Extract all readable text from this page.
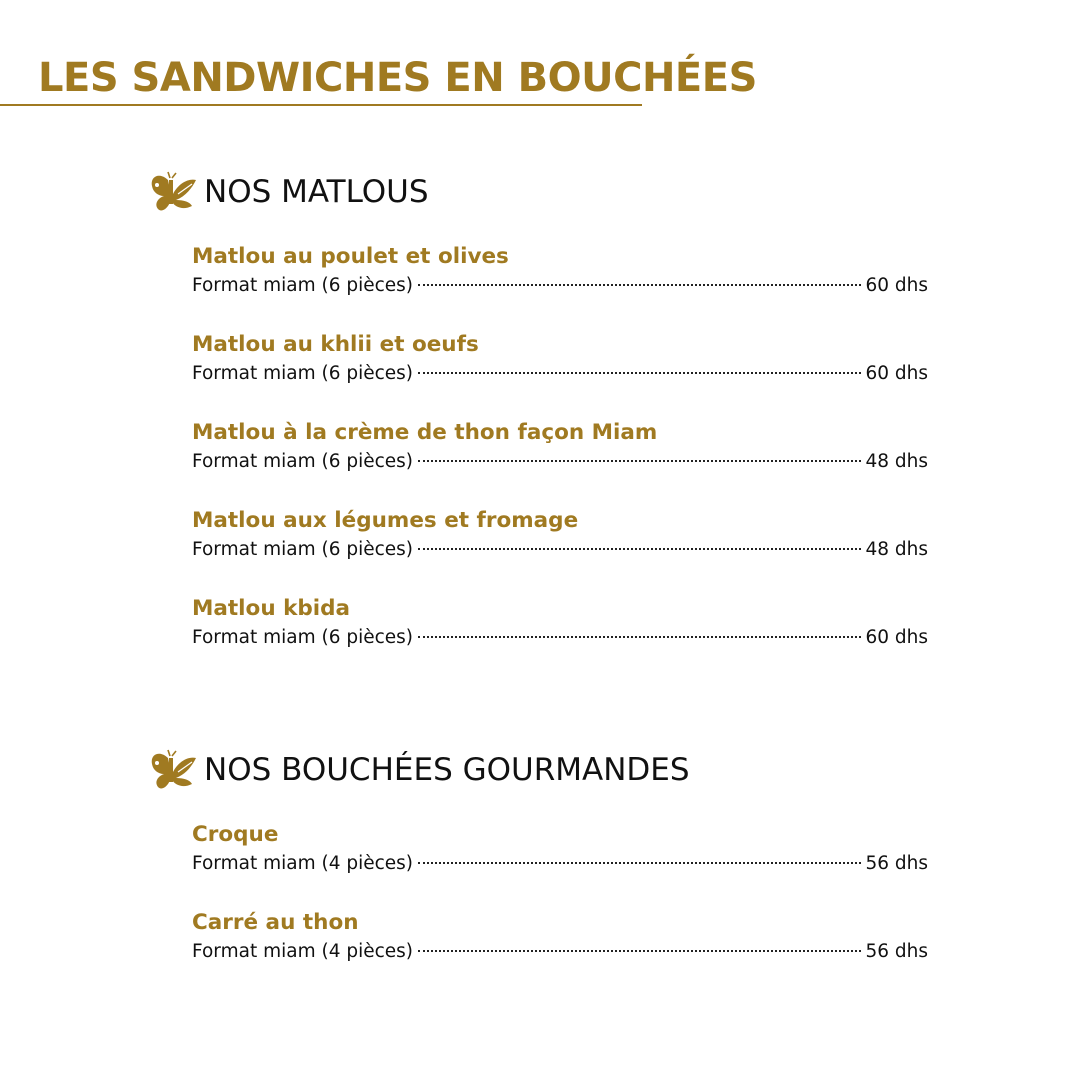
LES SANDWICHES EN BOUCHÉES
NOS MATLOUS
Matlou au poulet et olives
Format miam (6 pièces)	60 dhs
Matlou au khlii et oeufs
Format miam (6 pièces)	60 dhs
Matlou à la crème de thon façon Miam
Format miam (6 pièces)	48 dhs
Matlou aux légumes et fromage
Format miam (6 pièces)	48 dhs
Matlou kbida
Format miam (6 pièces)	60 dhs
NOS BOUCHÉES GOURMANDES
Croque
Format miam (4 pièces)	56 dhs
Carré au thon
Format miam (4 pièces)	56 dhs
